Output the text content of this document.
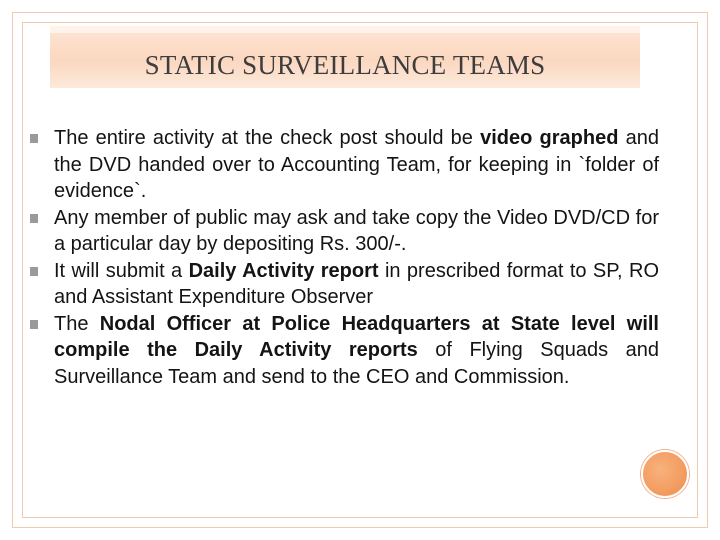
STATIC SURVEILLANCE TEAMS
The entire activity at the check post should be video graphed and the DVD handed over to Accounting Team, for keeping in `folder of evidence`.
Any member of public may ask and take copy the Video DVD/CD for a particular day by depositing Rs. 300/-.
It will submit a Daily Activity report in prescribed format to SP, RO and Assistant Expenditure Observer
The Nodal Officer at Police Headquarters at State level will compile the Daily Activity reports of Flying Squads and Surveillance Team and send to the CEO and Commission.
